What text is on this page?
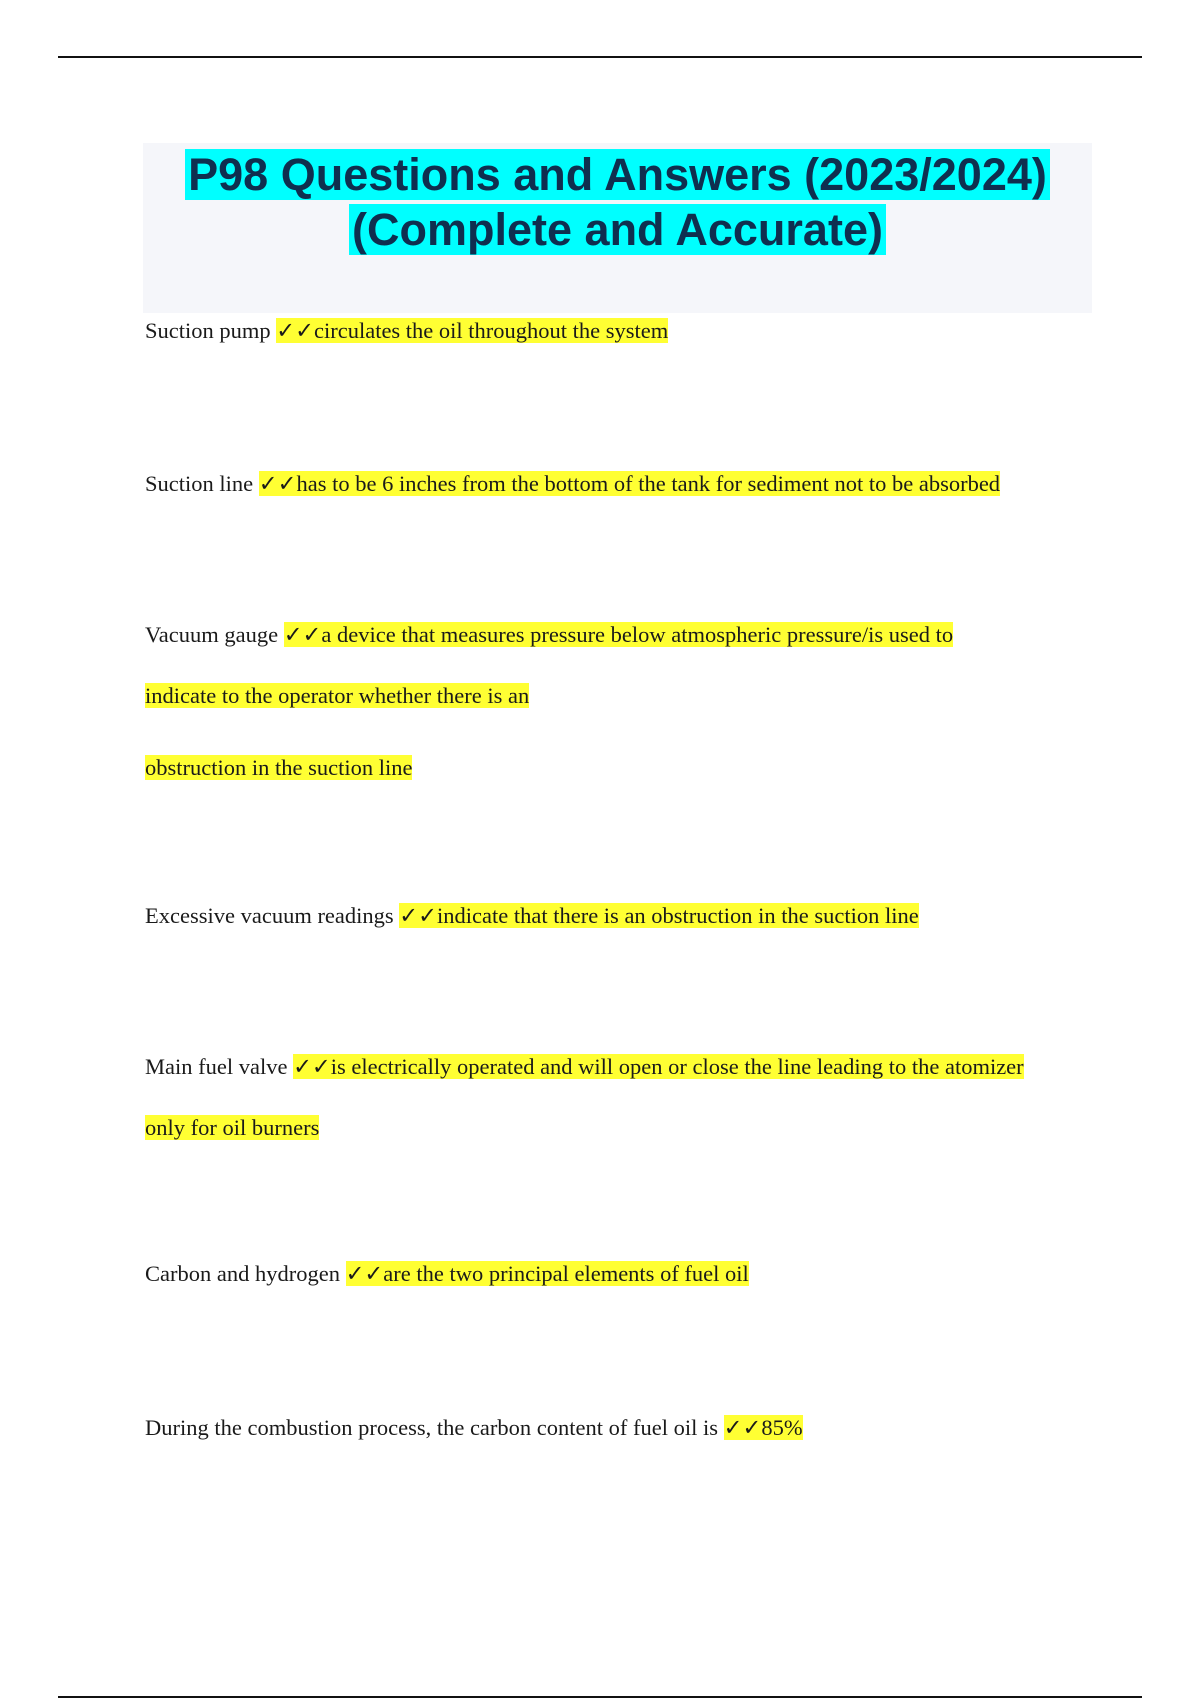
P98 Questions and Answers (2023/2024)

(Complete and Accurate)

Suction pump ✓✓circulates the oil throughout the system

Suction line ✓✓has to be 6 inches from the bottom of the tank for sediment not to be absorbed

Vacuum gauge ✓✓a device that measures pressure below atmospheric pressure/is used to
indicate to the operator whether there is an
obstruction in the suction line

Excessive vacuum readings ✓✓indicate that there is an obstruction in the suction line

Main fuel valve ✓✓is electrically operated and will open or close the line leading to the atomizer
only for oil burners

Carbon and hydrogen ✓✓are the two principal elements of fuel oil

During the combustion process, the carbon content of fuel oil is ✓✓85%
